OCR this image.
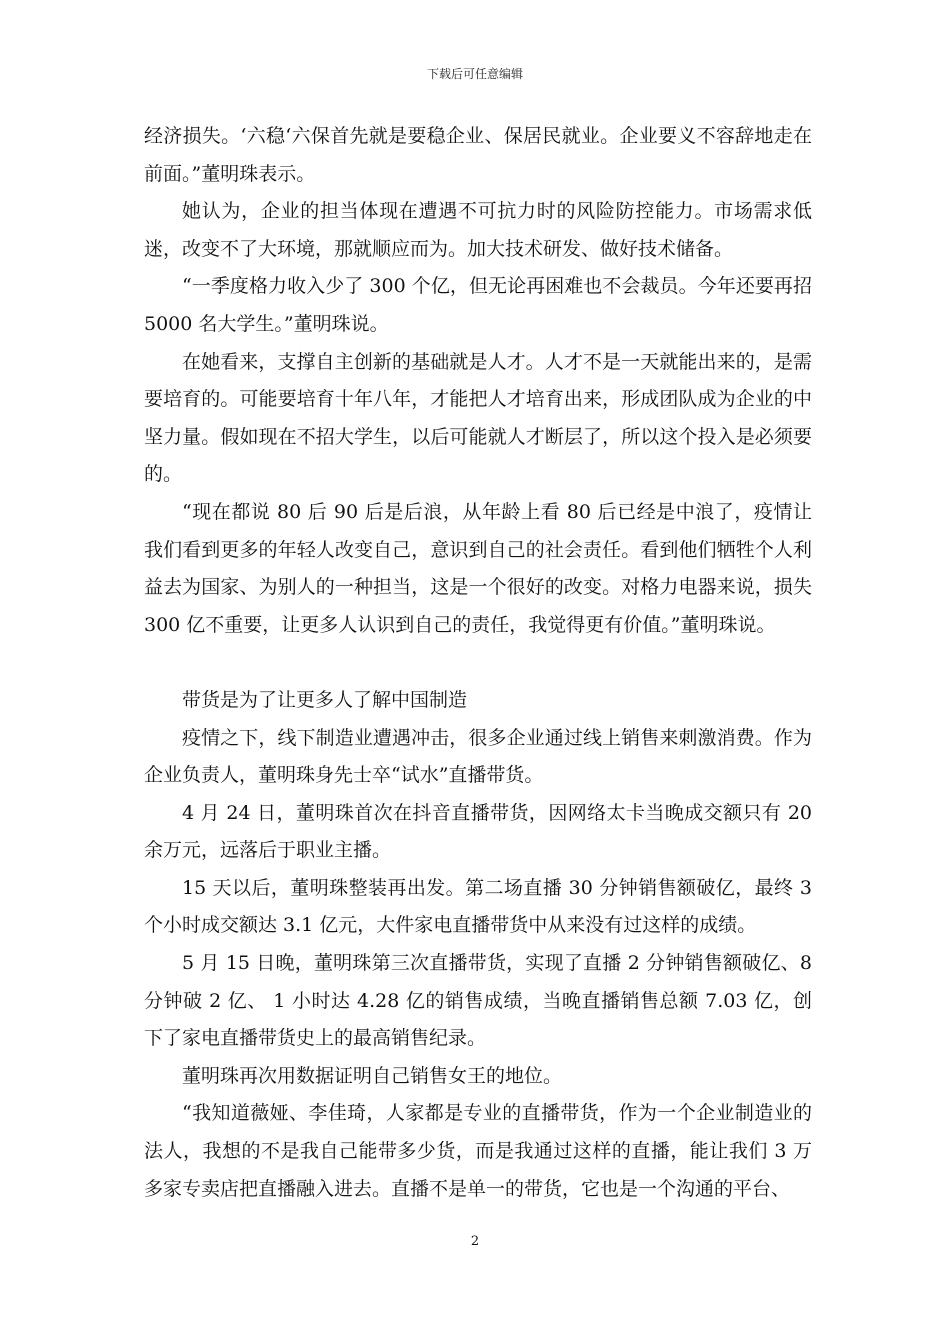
下载后可任意编辑

经济损失。‘六稳‘六保首先就是要稳企业、保居民就业。企业要义不容辞地走在前面。”董明珠表示。

她认为，企业的担当体现在遭遇不可抗力时的风险防控能力。市场需求低迷，改变不了大环境，那就顺应而为。加大技术研发、做好技术储备。

“一季度格力收入少了 300 个亿，但无论再困难也不会裁员。今年还要再招 5000 名大学生。”董明珠说。

在她看来，支撑自主创新的基础就是人才。人才不是一天就能出来的，是需要培育的。可能要培育十年八年，才能把人才培育出来，形成团队成为企业的中坚力量。假如现在不招大学生，以后可能就人才断层了，所以这个投入是必须要的。

“现在都说 80 后 90 后是后浪，从年龄上看 80 后已经是中浪了，疫情让我们看到更多的年轻人改变自己，意识到自己的社会责任。看到他们牺牲个人利益去为国家、为别人的一种担当，这是一个很好的改变。对格力电器来说，损失 300 亿不重要，让更多人认识到自己的责任，我觉得更有价值。”董明珠说。

带货是为了让更多人了解中国制造

疫情之下，线下制造业遭遇冲击，很多企业通过线上销售来刺激消费。作为企业负责人，董明珠身先士卒“试水”直播带货。

4 月 24 日，董明珠首次在抖音直播带货，因网络太卡当晚成交额只有 20 余万元，远落后于职业主播。

15 天以后，董明珠整装再出发。第二场直播 30 分钟销售额破亿，最终 3 个小时成交额达 3.1 亿元，大件家电直播带货中从来没有过这样的成绩。

5 月 15 日晚，董明珠第三次直播带货，实现了直播 2 分钟销售额破亿、8 分钟破 2 亿、 1 小时达 4.28 亿的销售成绩，当晚直播销售总额 7.03 亿，创下了家电直播带货史上的最高销售纪录。

董明珠再次用数据证明自己销售女王的地位。

“我知道薇娅、李佳琦，人家都是专业的直播带货，作为一个企业制造业的法人，我想的不是我自己能带多少货，而是我通过这样的直播，能让我们 3 万多家专卖店把直播融入进去。直播不是单一的带货，它也是一个沟通的平台、

2
